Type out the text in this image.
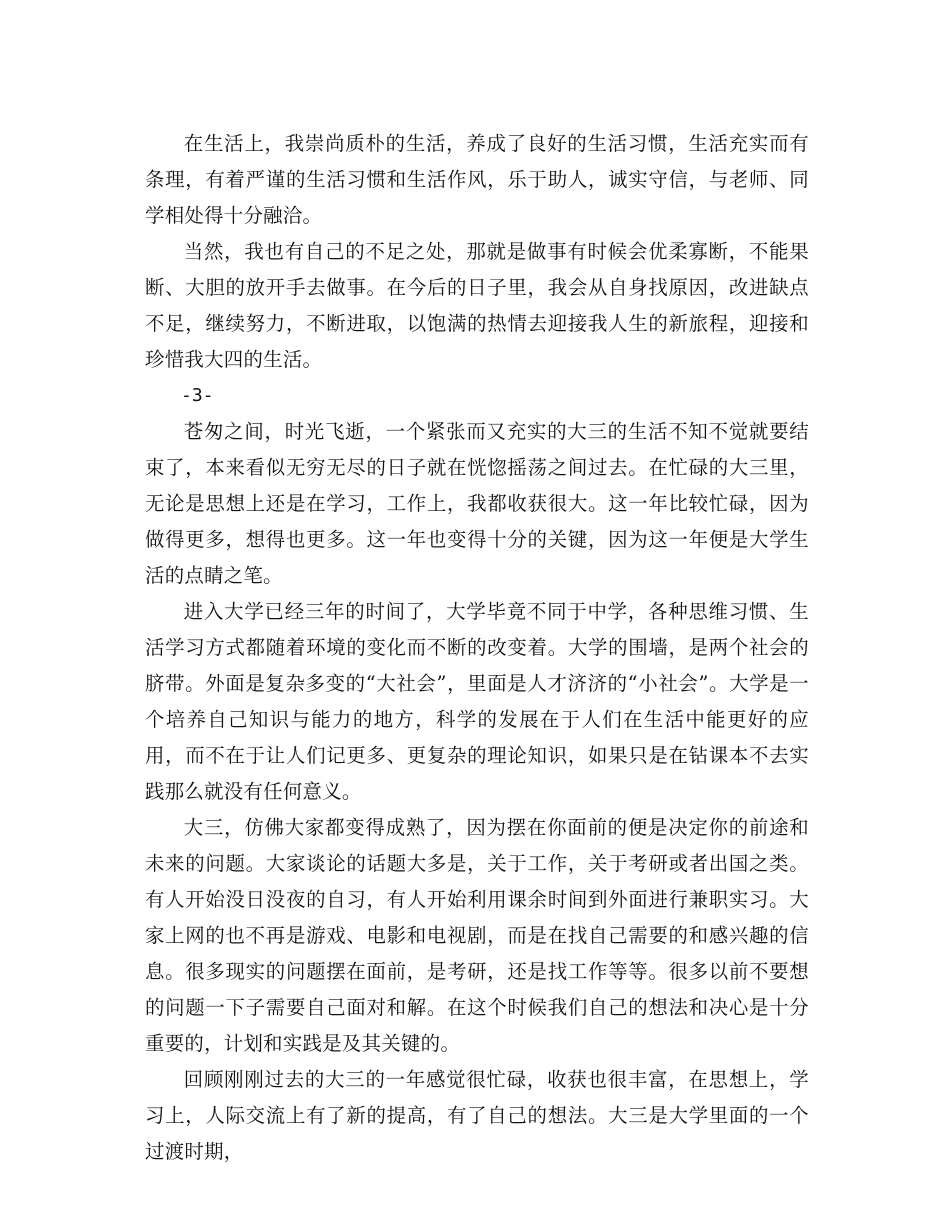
在生活上，我崇尚质朴的生活，养成了良好的生活习惯，生活充实而有条理，有着严谨的生活习惯和生活作风，乐于助人，诚实守信，与老师、同学相处得十分融洽。

当然，我也有自己的不足之处，那就是做事有时候会优柔寡断，不能果断、大胆的放开手去做事。在今后的日子里，我会从自身找原因，改进缺点不足，继续努力，不断进取，以饱满的热情去迎接我人生的新旅程，迎接和珍惜我大四的生活。

-3-

苍匆之间，时光飞逝，一个紧张而又充实的大三的生活不知不觉就要结束了，本来看似无穷无尽的日子就在恍惚摇荡之间过去。在忙碌的大三里，无论是思想上还是在学习，工作上，我都收获很大。这一年比较忙碌，因为做得更多，想得也更多。这一年也变得十分的关键，因为这一年便是大学生活的点睛之笔。

进入大学已经三年的时间了，大学毕竟不同于中学，各种思维习惯、生活学习方式都随着环境的变化而不断的改变着。大学的围墙，是两个社会的脐带。外面是复杂多变的“大社会”，里面是人才济济的“小社会”。大学是一个培养自己知识与能力的地方，科学的发展在于人们在生活中能更好的应用，而不在于让人们记更多、更复杂的理论知识，如果只是在钻课本不去实践那么就没有任何意义。

大三，仿佛大家都变得成熟了，因为摆在你面前的便是决定你的前途和未来的问题。大家谈论的话题大多是，关于工作，关于考研或者出国之类。有人开始没日没夜的自习，有人开始利用课余时间到外面进行兼职实习。大家上网的也不再是游戏、电影和电视剧，而是在找自己需要的和感兴趣的信息。很多现实的问题摆在面前，是考研，还是找工作等等。很多以前不要想的问题一下子需要自己面对和解。在这个时候我们自己的想法和决心是十分重要的，计划和实践是及其关键的。

回顾刚刚过去的大三的一年感觉很忙碌，收获也很丰富，在思想上，学习上，人际交流上有了新的提高，有了自己的想法。大三是大学里面的一个过渡时期，
